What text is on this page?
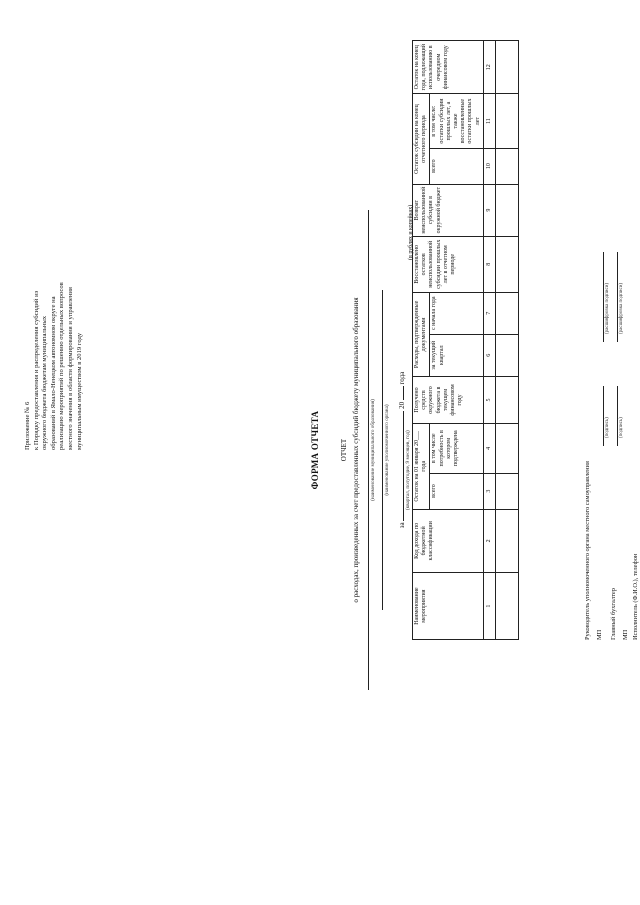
Приложение № 6 к Порядку предоставления и распределения субсидий из окружного бюджета бюджетам муниципальных образований в Ямало-Ненецком автономном округе на реализацию мероприятий по решению отдельных вопросов местного значения в области формирования и управления муниципальным имуществом в 2019 году	ФОРМА ОТЧЕТА	ОТЧЕТ о расходах, произведенных за счет предоставленных субсидий бюджету муниципального образования (наименование муниципального образования) (наименование уполномоченного органа)
за  20  года
(квартал, полугодие, 9 месяцев, год)
(в рублях и копейках)
Наименование мероприятия	Код дохода по бюджетной классификации	Остаток на 01 января 20___ года		Получено средств окружного бюджета в текущем финансовом году	Расходы, подтвержденные документами		Восстановлено остатков неиспользованной субсидии прошлых лет в отчетном периоде	Возврат неиспользованной субсидии в окружной бюджет	Остаток субсидии на конец отчетного периода		Остаток на конец года, подлежащий использованию в очередном финансовом году
		всего	в том числе потребность в котором подтверждена		за текущий квартал	с начала года			всего	в том числе: остатки субсидии прошлых лет, а также восстановленные остатки прошлых лет	
1	2	3	4	5	6	7	8	9	10	11	12

Руководитель уполномоченного органа местного самоуправления МП
(подпись)
(расшифровка подписи)
Главный бухгалтер
(подпись)
(расшифровка подписи)
МП Исполнитель (Ф.И.О.), телефон
